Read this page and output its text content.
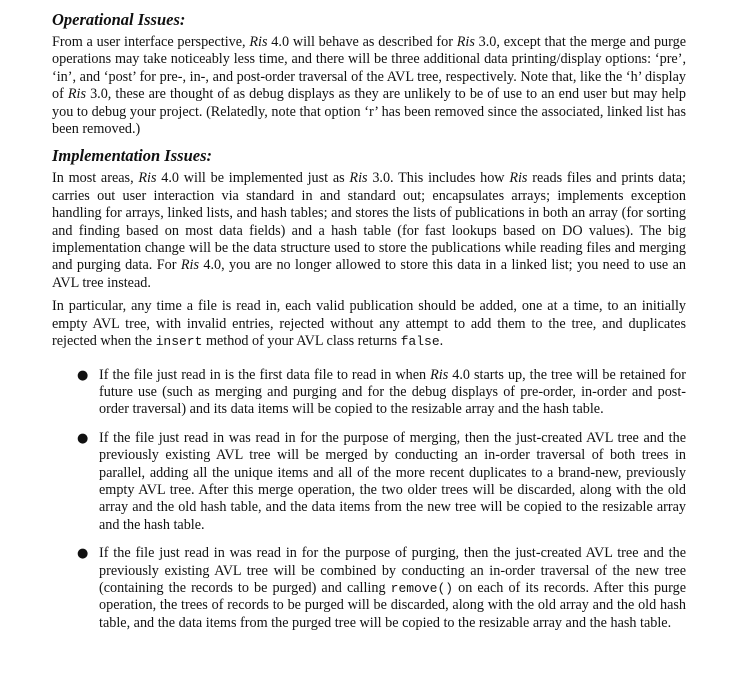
Operational Issues:

From a user interface perspective, Ris 4.0 will behave as described for Ris 3.0, except that the merge and purge operations may take noticeably less time, and there will be three additional data printing/display options: ‘pre’, ‘in’, and ‘post’ for pre-, in-, and post-order traversal of the AVL tree, respectively. Note that, like the ‘h’ display of Ris 3.0, these are thought of as debug displays as they are unlikely to be of use to an end user but may help you to debug your project. (Relatedly, note that option ‘r’ has been removed since the associated, linked list has been removed.)

Implementation Issues:

In most areas, Ris 4.0 will be implemented just as Ris 3.0. This includes how Ris reads files and prints data; carries out user interaction via standard in and standard out; encapsulates arrays; implements exception handling for arrays, linked lists, and hash tables; and stores the lists of publications in both an array (for sorting and finding based on most data fields) and a hash table (for fast lookups based on DO values). The big implementation change will be the data structure used to store the publications while reading files and merging and purging data. For Ris 4.0, you are no longer allowed to store this data in a linked list; you need to use an AVL tree instead.

In particular, any time a file is read in, each valid publication should be added, one at a time, to an initially empty AVL tree, with invalid entries, rejected without any attempt to add them to the tree, and duplicates rejected when the insert method of your AVL class returns false.

● If the file just read in is the first data file to read in when Ris 4.0 starts up, the tree will be retained for future use (such as merging and purging and for the debug displays of pre-order, in-order and post-order traversal) and its data items will be copied to the resizable array and the hash table.
● If the file just read in was read in for the purpose of merging, then the just-created AVL tree and the previously existing AVL tree will be merged by conducting an in-order traversal of both trees in parallel, adding all the unique items and all of the more recent duplicates to a brand-new, previously empty AVL tree. After this merge operation, the two older trees will be discarded, along with the old array and the old hash table, and the data items from the new tree will be copied to the resizable array and the hash table.
● If the file just read in was read in for the purpose of purging, then the just-created AVL tree and the previously existing AVL tree will be combined by conducting an in-order traversal of the new tree (containing the records to be purged) and calling remove() on each of its records. After this purge operation, the trees of records to be purged will be discarded, along with the old array and the old hash table, and the data items from the purged tree will be copied to the resizable array and the hash table.
